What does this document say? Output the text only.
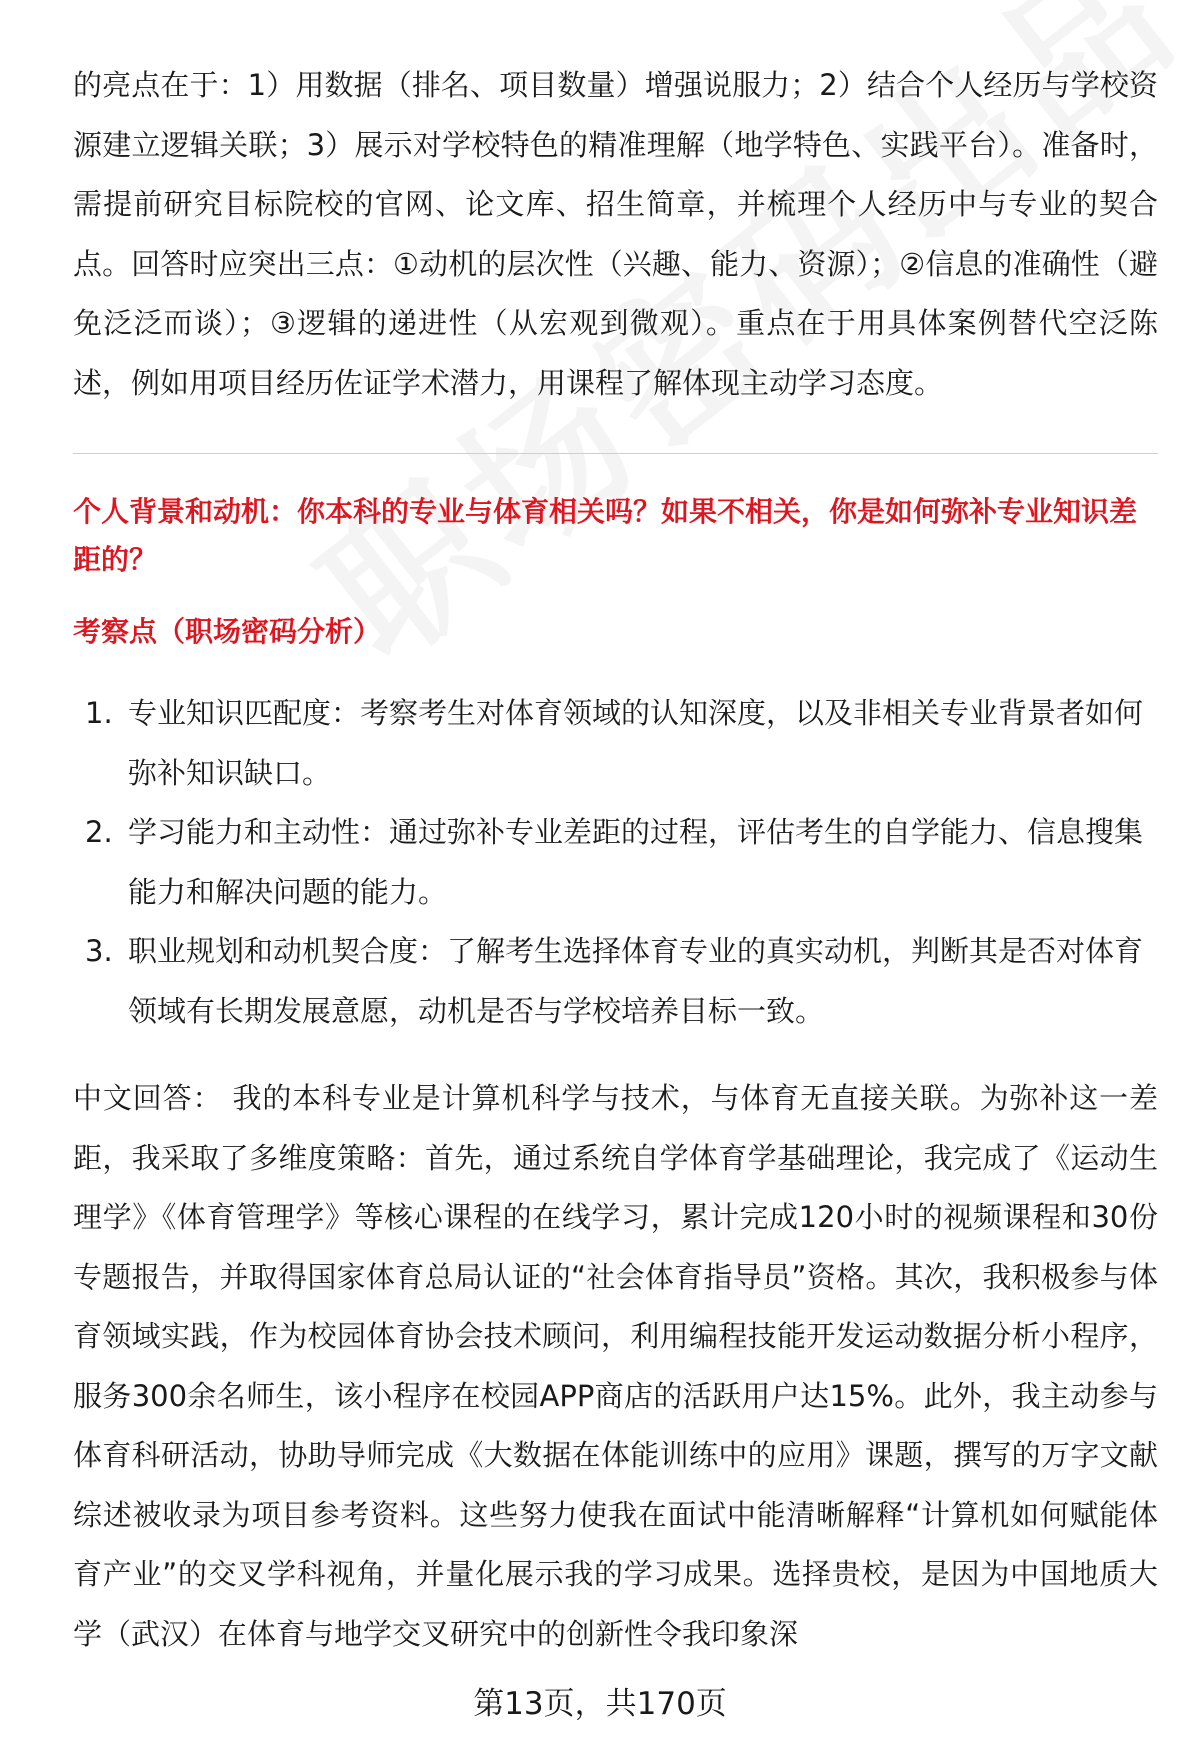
的亮点在于：1）用数据（排名、项目数量）增强说服力；2）结合个人经历与学校资源建立逻辑关联；3）展示对学校特色的精准理解（地学特色、实践平台）。准备时，需提前研究目标院校的官网、论文库、招生简章，并梳理个人经历中与专业的契合点。回答时应突出三点：①动机的层次性（兴趣、能力、资源）；②信息的准确性（避免泛泛而谈）；③逻辑的递进性（从宏观到微观）。重点在于用具体案例替代空泛陈述，例如用项目经历佐证学术潜力，用课程了解体现主动学习态度。

个人背景和动机：你本科的专业与体育相关吗？如果不相关，你是如何弥补专业知识差距的？

考察点（职场密码分析）

1. 专业知识匹配度：考察考生对体育领域的认知深度，以及非相关专业背景者如何弥补知识缺口。
2. 学习能力和主动性：通过弥补专业差距的过程，评估考生的自学能力、信息搜集能力和解决问题的能力。
3. 职业规划和动机契合度：了解考生选择体育专业的真实动机，判断其是否对体育领域有长期发展意愿，动机是否与学校培养目标一致。

中文回答： 我的本科专业是计算机科学与技术，与体育无直接关联。为弥补这一差距，我采取了多维度策略：首先，通过系统自学体育学基础理论，我完成了《运动生理学》《体育管理学》等核心课程的在线学习，累计完成120小时的视频课程和30份专题报告，并取得国家体育总局认证的“社会体育指导员”资格。其次，我积极参与体育领域实践，作为校园体育协会技术顾问，利用编程技能开发运动数据分析小程序，服务300余名师生，该小程序在校园APP商店的活跃用户达15%。此外，我主动参与体育科研活动，协助导师完成《大数据在体能训练中的应用》课题，撰写的万字文献综述被收录为项目参考资料。这些努力使我在面试中能清晰解释“计算机如何赋能体育产业”的交叉学科视角，并量化展示我的学习成果。选择贵校，是因为中国地质大学（武汉）在体育与地学交叉研究中的创新性令我印象深

第13页，共170页
